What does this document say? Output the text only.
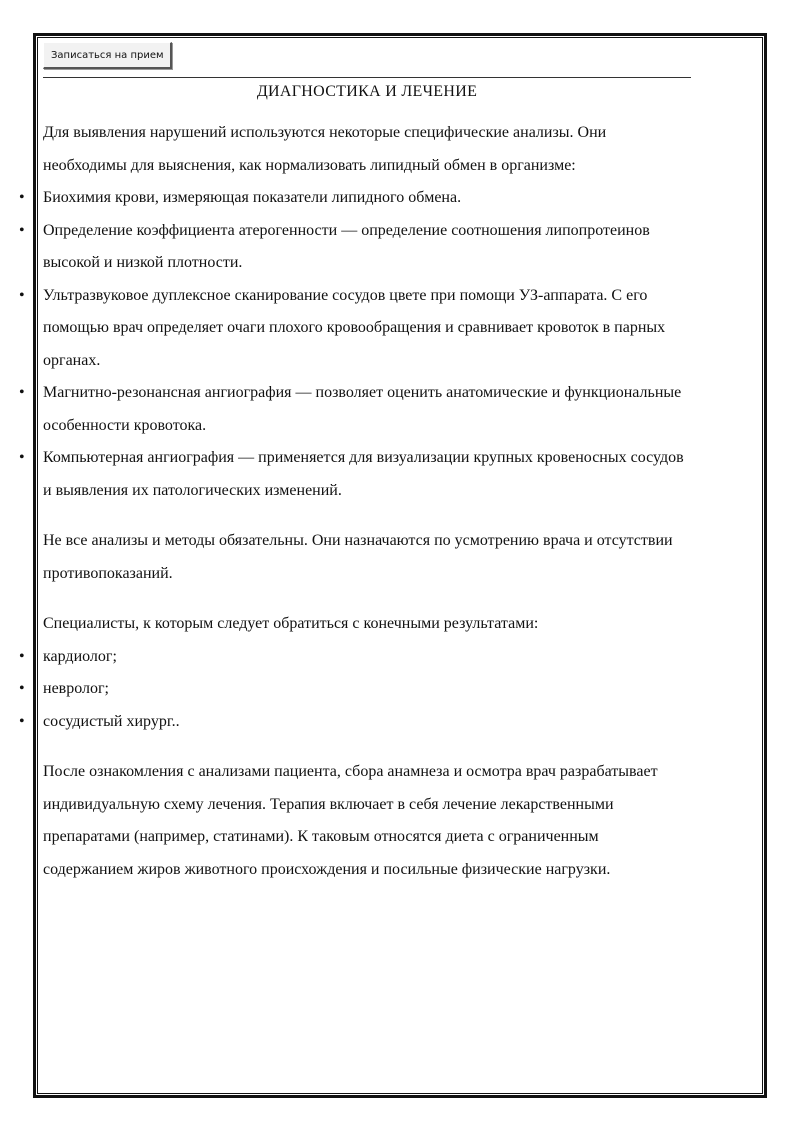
Записаться на прием
ДИАГНОСТИКА И ЛЕЧЕНИЕ

Для выявления нарушений используются некоторые специфические анализы. Они необходимы для выяснения, как нормализовать липидный обмен в организме:

• Биохимия крови, измеряющая показатели липидного обмена.
• Определение коэффициента атерогенности — определение соотношения липопротеинов высокой и низкой плотности.
• Ультразвуковое дуплексное сканирование сосудов цвете при помощи УЗ-аппарата. С его помощью врач определяет очаги плохого кровообращения и сравнивает кровоток в парных органах.
• Магнитно-резонансная ангиография — позволяет оценить анатомические и функциональные особенности кровотока.
• Компьютерная ангиография — применяется для визуализации крупных кровеносных сосудов и выявления их патологических изменений.

Не все анализы и методы обязательны. Они назначаются по усмотрению врача и отсутствии противопоказаний.

Специалисты, к которым следует обратиться с конечными результатами:

• кардиолог;
• невролог;
• сосудистый хирург..

После ознакомления с анализами пациента, сбора анамнеза и осмотра врач разрабатывает индивидуальную схему лечения. Терапия включает в себя лечение лекарственными препаратами (например, статинами). К таковым относятся диета с ограниченным содержанием жиров животного происхождения и посильные физические нагрузки.
